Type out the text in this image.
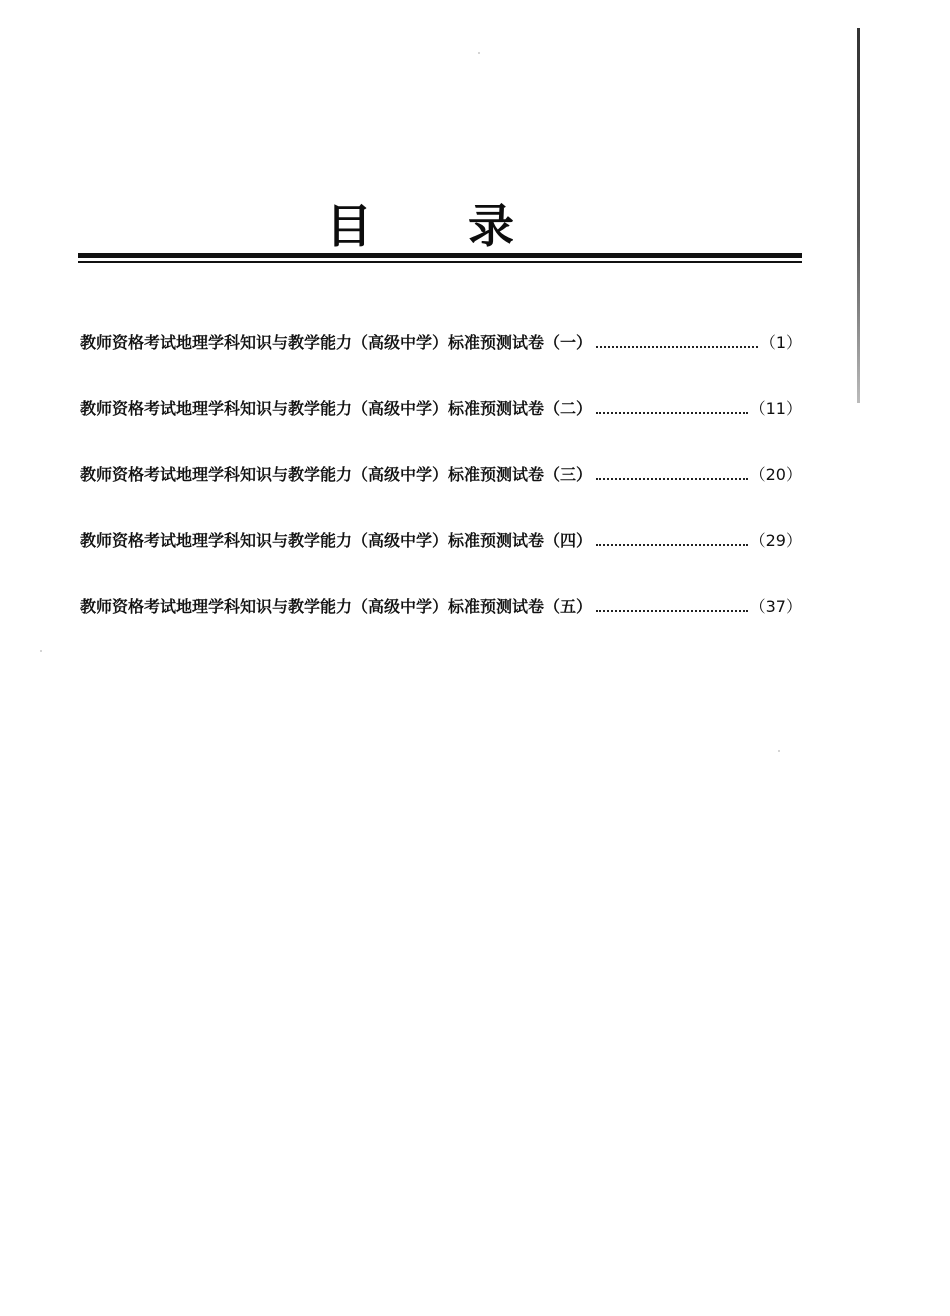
目 录
教师资格考试地理学科知识与教学能力（高级中学）标准预测试卷（一）	（1）
教师资格考试地理学科知识与教学能力（高级中学）标准预测试卷（二）	（11）
教师资格考试地理学科知识与教学能力（高级中学）标准预测试卷（三）	（20）
教师资格考试地理学科知识与教学能力（高级中学）标准预测试卷（四）	（29）
教师资格考试地理学科知识与教学能力（高级中学）标准预测试卷（五）	（37）
